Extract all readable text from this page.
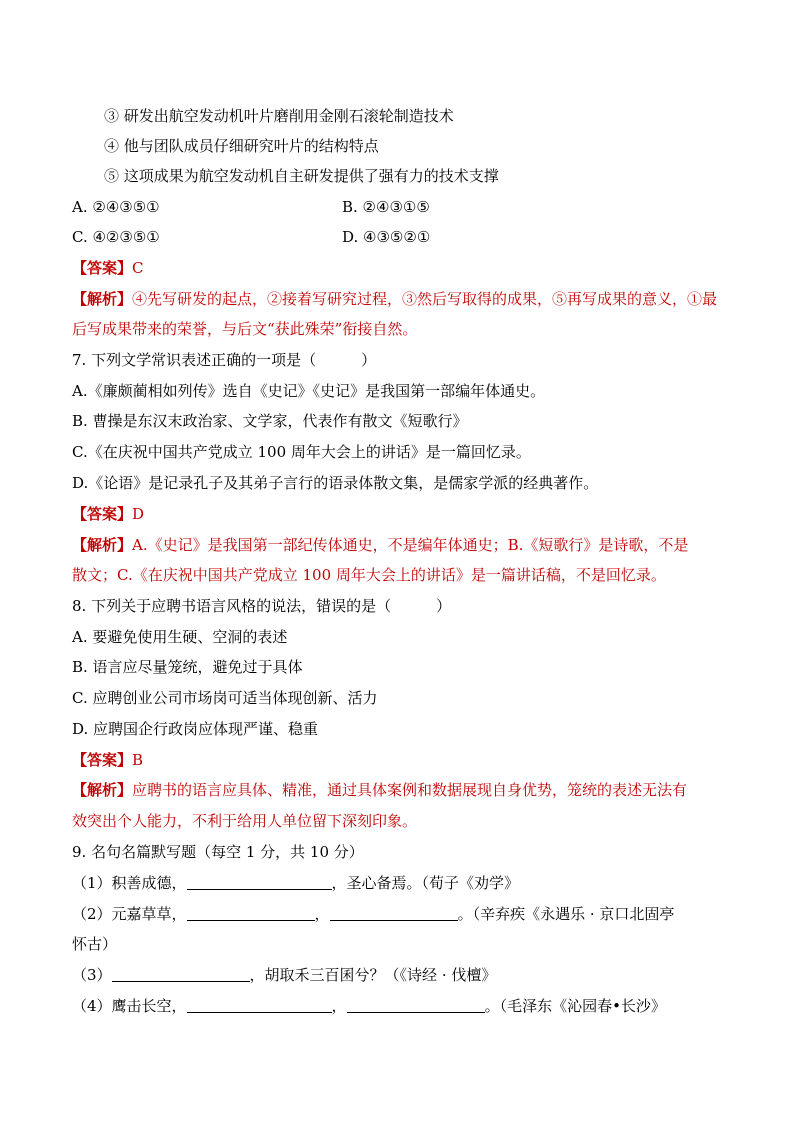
③ 研发出航空发动机叶片磨削用金刚石滚轮制造技术
④ 他与团队成员仔细研究叶片的结构特点
⑤ 这项成果为航空发动机自主研发提供了强有力的技术支撑
A. ②④③⑤①	B. ②④③①⑤
C. ④②③⑤①	D. ④③⑤②①
【答案】C
【解析】④先写研发的起点，②接着写研究过程，③然后写取得的成果，⑤再写成果的意义，①最
后写成果带来的荣誉，与后文“获此殊荣”衔接自然。
7. 下列文学常识表述正确的一项是（　　　）
A.《廉颇蔺相如列传》选自《史记》《史记》是我国第一部编年体通史。
B. 曹操是东汉末政治家、文学家，代表作有散文《短歌行》
C.《在庆祝中国共产党成立 100 周年大会上的讲话》是一篇回忆录。
D.《论语》是记录孔子及其弟子言行的语录体散文集，是儒家学派的经典著作。
【答案】D
【解析】A.《史记》是我国第一部纪传体通史，不是编年体通史；B.《短歌行》是诗歌，不是
散文；C.《在庆祝中国共产党成立 100 周年大会上的讲话》是一篇讲话稿，不是回忆录。
8. 下列关于应聘书语言风格的说法，错误的是（　　　）
A. 要避免使用生硬、空洞的表述
B. 语言应尽量笼统，避免过于具体
C. 应聘创业公司市场岗可适当体现创新、活力
D. 应聘国企行政岗应体现严谨、稳重
【答案】B
【解析】应聘书的语言应具体、精准，通过具体案例和数据展现自身优势，笼统的表述无法有
效突出个人能力，不利于给用人单位留下深刻印象。
9. 名句名篇默写题（每空 1 分，共 10 分）
（1）积善成德，	，圣心备焉。（荀子《劝学》
（2）元嘉草草，	，	。（辛弃疾《永遇乐 · 京口北固亭
怀古）
（3）	，胡取禾三百囷兮？（《诗经 · 伐檀》
（4）鹰击长空，	，	。（毛泽东《沁园春•长沙》
